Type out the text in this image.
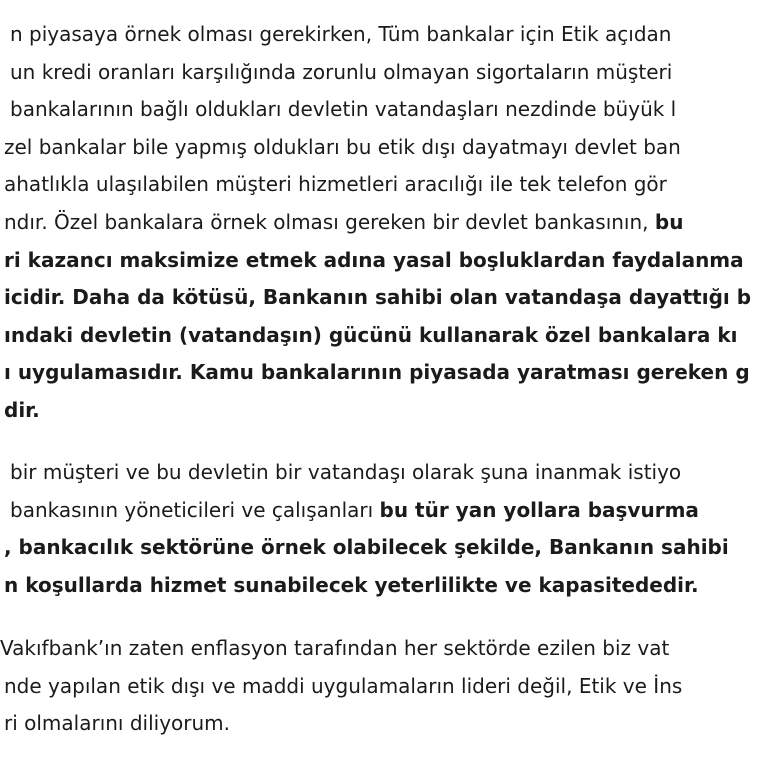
n piyasaya örnek olması gerekirken, Tüm bankalar için Etik açıdan
un kredi oranları karşılığında zorunlu olmayan sigortaların müşteri
bankalarının bağlı oldukları devletin vatandaşları nezdinde büyük l
zel bankalar bile yapmış oldukları bu etik dışı dayatmayı devlet ban
ahatlıkla ulaşılabilen müşteri hizmetleri aracılığı ile tek telefon gör
ndır. Özel bankalara örnek olması gereken bir devlet bankasının, bu
ri kazancı maksimize etmek adına yasal boşluklardan faydalanma
icidir. Daha da kötüsü, Bankanın sahibi olan vatandaşa dayattığı b
ındaki devletin (vatandaşın) gücünü kullanarak özel bankalara kı
ı uygulamasıdır. Kamu bankalarının piyasada yaratması gereken g
dir.
bir müşteri ve bu devletin bir vatandaşı olarak şuna inanmak istiyo
bankasının yöneticileri ve çalışanları bu tür yan yollara başvurma
, bankacılık sektörüne örnek olabilecek şekilde, Bankanın sahibi
n koşullarda hizmet sunabilecek yeterlilikte ve kapasitededir.
Vakıfbank’ın zaten enflasyon tarafından her sektörde ezilen biz vat
nde yapılan etik dışı ve maddi uygulamaların lideri değil, Etik ve İns
ri olmalarını diliyorum.
